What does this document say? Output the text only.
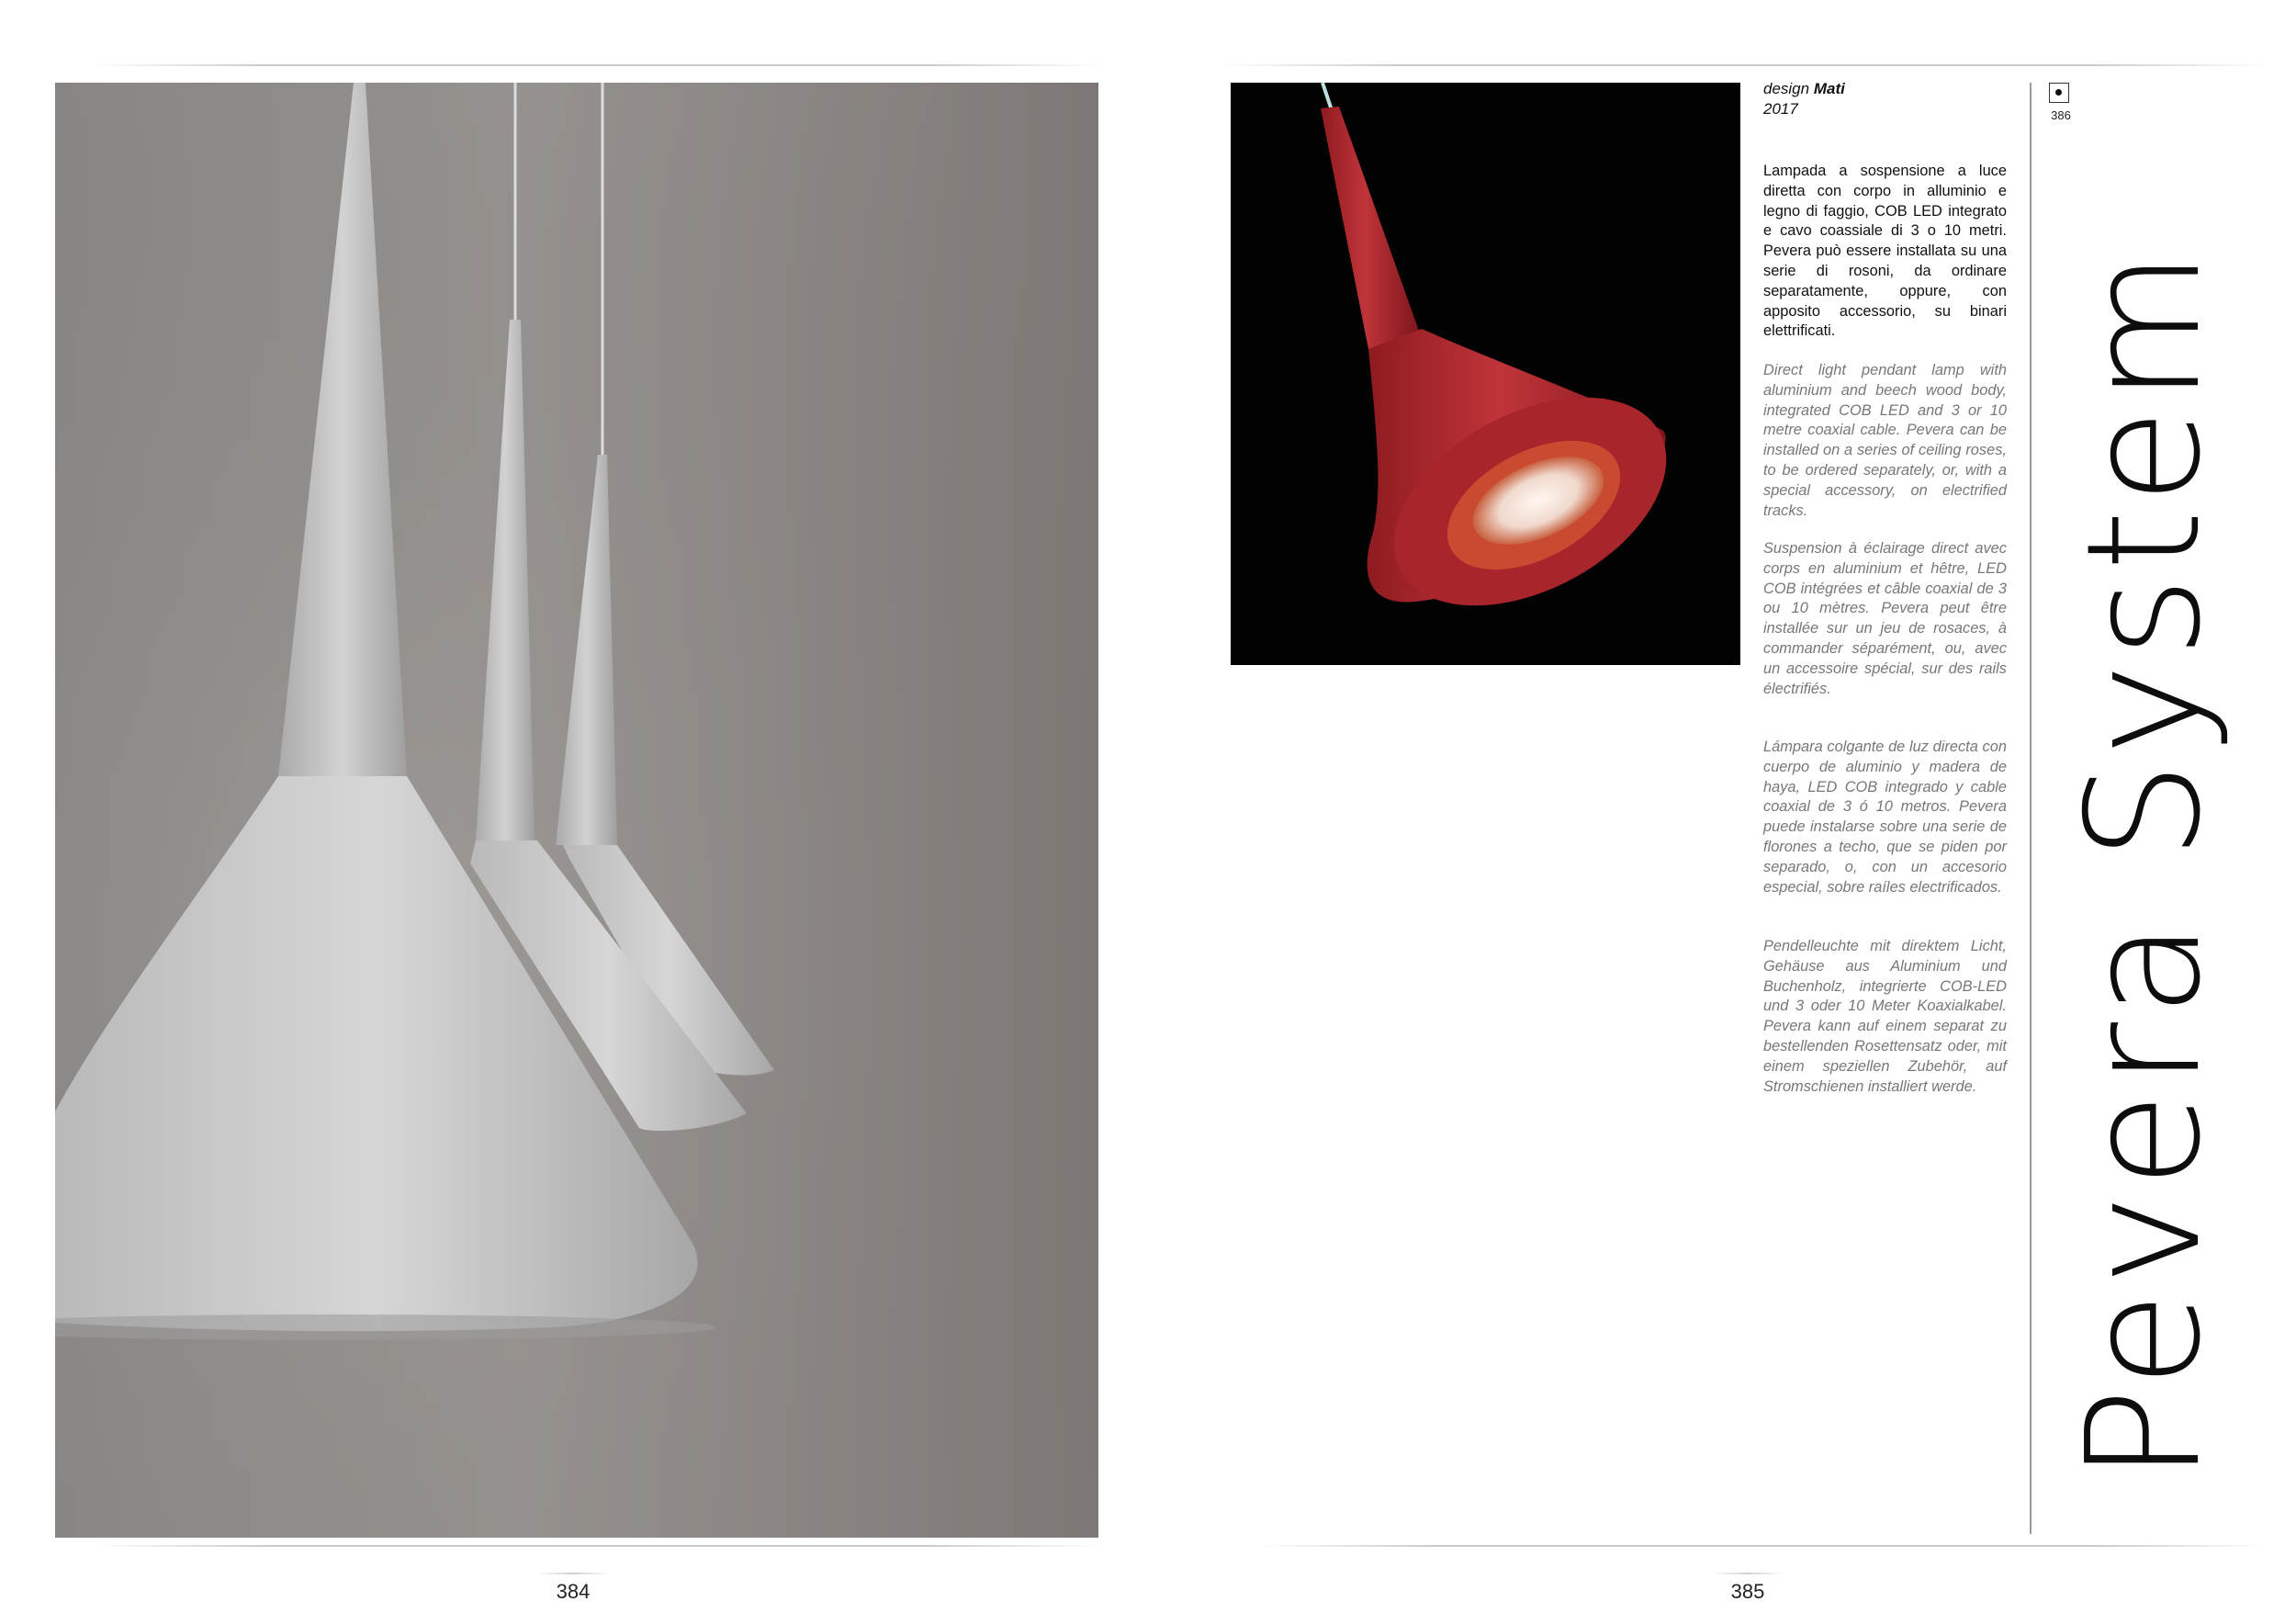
design Mati
2017
Lampada a sospensione a luce diretta con corpo in alluminio e legno di faggio, COB LED integrato e cavo coassiale di 3 o 10 metri. Pevera può essere installata su una serie di rosoni, da ordinare separatamente, oppure, con apposito accessorio, su binari elettrificati.
Direct light pendant lamp with aluminium and beech wood body, integrated COB LED and 3 or 10 metre coaxial cable. Pevera can be installed on a series of ceiling roses, to be ordered separately, or, with a special accessory, on electrified tracks.
Suspension à éclairage direct avec corps en aluminium et hêtre, LED COB intégrées et câble coaxial de 3 ou 10 mètres. Pevera peut être installée sur un jeu de rosaces, à commander séparément, ou, avec un accessoire spécial, sur des rails électrifiés.
Lámpara colgante de luz directa con cuerpo de aluminio y madera de haya, LED COB integrado y cable coaxial de 3 ó 10 metros. Pevera puede instalarse sobre una serie de florones a techo, que se piden por separado, o, con un accesorio especial, sobre raíles electrificados.
Pendelleuchte mit direktem Licht, Gehäuse aus Aluminium und Buchenholz, integrierte COB-LED und 3 oder 10 Meter Koaxialkabel. Pevera kann auf einem separat zu bestellenden Rosettensatz oder, mit einem speziellen Zubehör, auf Stromschienen installiert werde.
386
Pevera System
384	385
